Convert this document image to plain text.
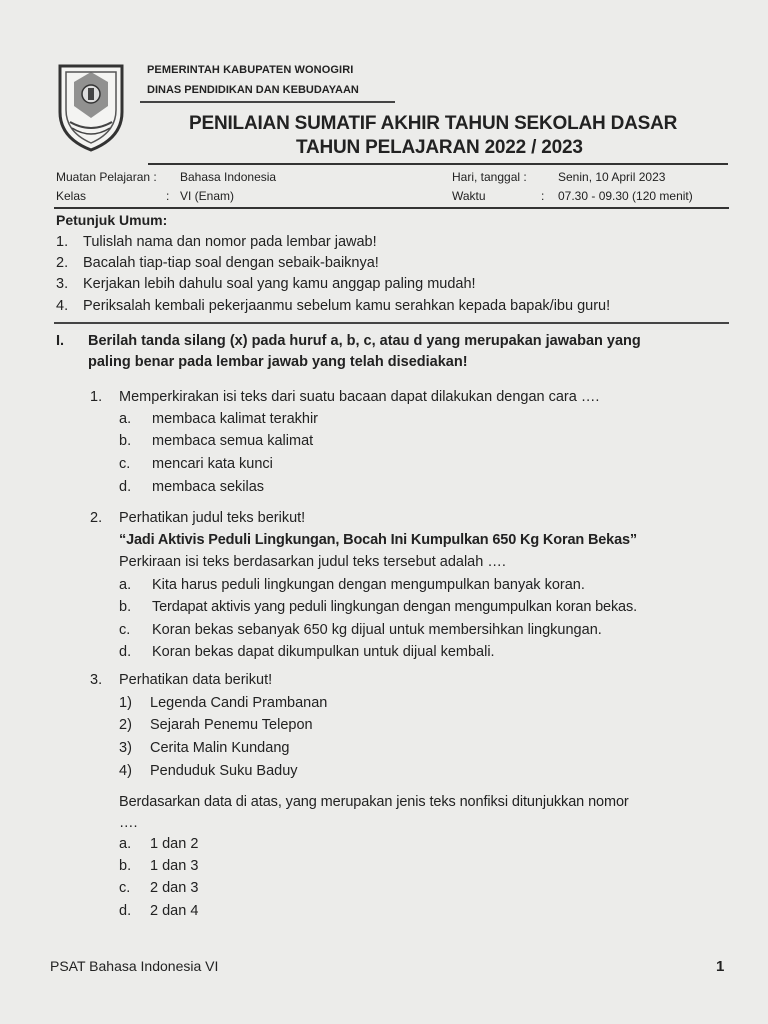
PEMERINTAH KABUPATEN WONOGIRI
DINAS PENDIDIKAN DAN KEBUDAYAAN
PENILAIAN SUMATIF AKHIR TAHUN SEKOLAH DASAR
TAHUN PELAJARAN 2022 / 2023
Muatan Pelajaran : Bahasa Indonesia
Kelas	: VI (Enam)
Hari, tanggal :	Senin, 10 April 2023
Waktu	: 07.30 - 09.30 (120 menit)
Petunjuk Umum:
1. Tulislah nama dan nomor pada lembar jawab!
2. Bacalah tiap-tiap soal dengan sebaik-baiknya!
3. Kerjakan lebih dahulu soal yang kamu anggap paling mudah!
4. Periksalah kembali pekerjaanmu sebelum kamu serahkan kepada bapak/ibu guru!
I. Berilah tanda silang (x) pada huruf a, b, c, atau d yang merupakan jawaban yang
paling benar pada lembar jawab yang telah disediakan!
1. Memperkirakan isi teks dari suatu bacaan dapat dilakukan dengan cara ….
a. membaca kalimat terakhir
b. membaca semua kalimat
c. mencari kata kunci
d. membaca sekilas
2. Perhatikan judul teks berikut!
“Jadi Aktivis Peduli Lingkungan, Bocah Ini Kumpulkan 650 Kg Koran Bekas”
Perkiraan isi teks berdasarkan judul teks tersebut adalah ….
a. Kita harus peduli lingkungan dengan mengumpulkan banyak koran.
b. Terdapat aktivis yang peduli lingkungan dengan mengumpulkan koran bekas.
c. Koran bekas sebanyak 650 kg dijual untuk membersihkan lingkungan.
d. Koran bekas dapat dikumpulkan untuk dijual kembali.
3. Perhatikan data berikut!
1) Legenda Candi Prambanan
2) Sejarah Penemu Telepon
3) Cerita Malin Kundang
4) Penduduk Suku Baduy
Berdasarkan data di atas, yang merupakan jenis teks nonfiksi ditunjukkan nomor
….
a. 1 dan 2
b. 1 dan 3
c. 2 dan 3
d. 2 dan 4
PSAT Bahasa Indonesia VI	1
